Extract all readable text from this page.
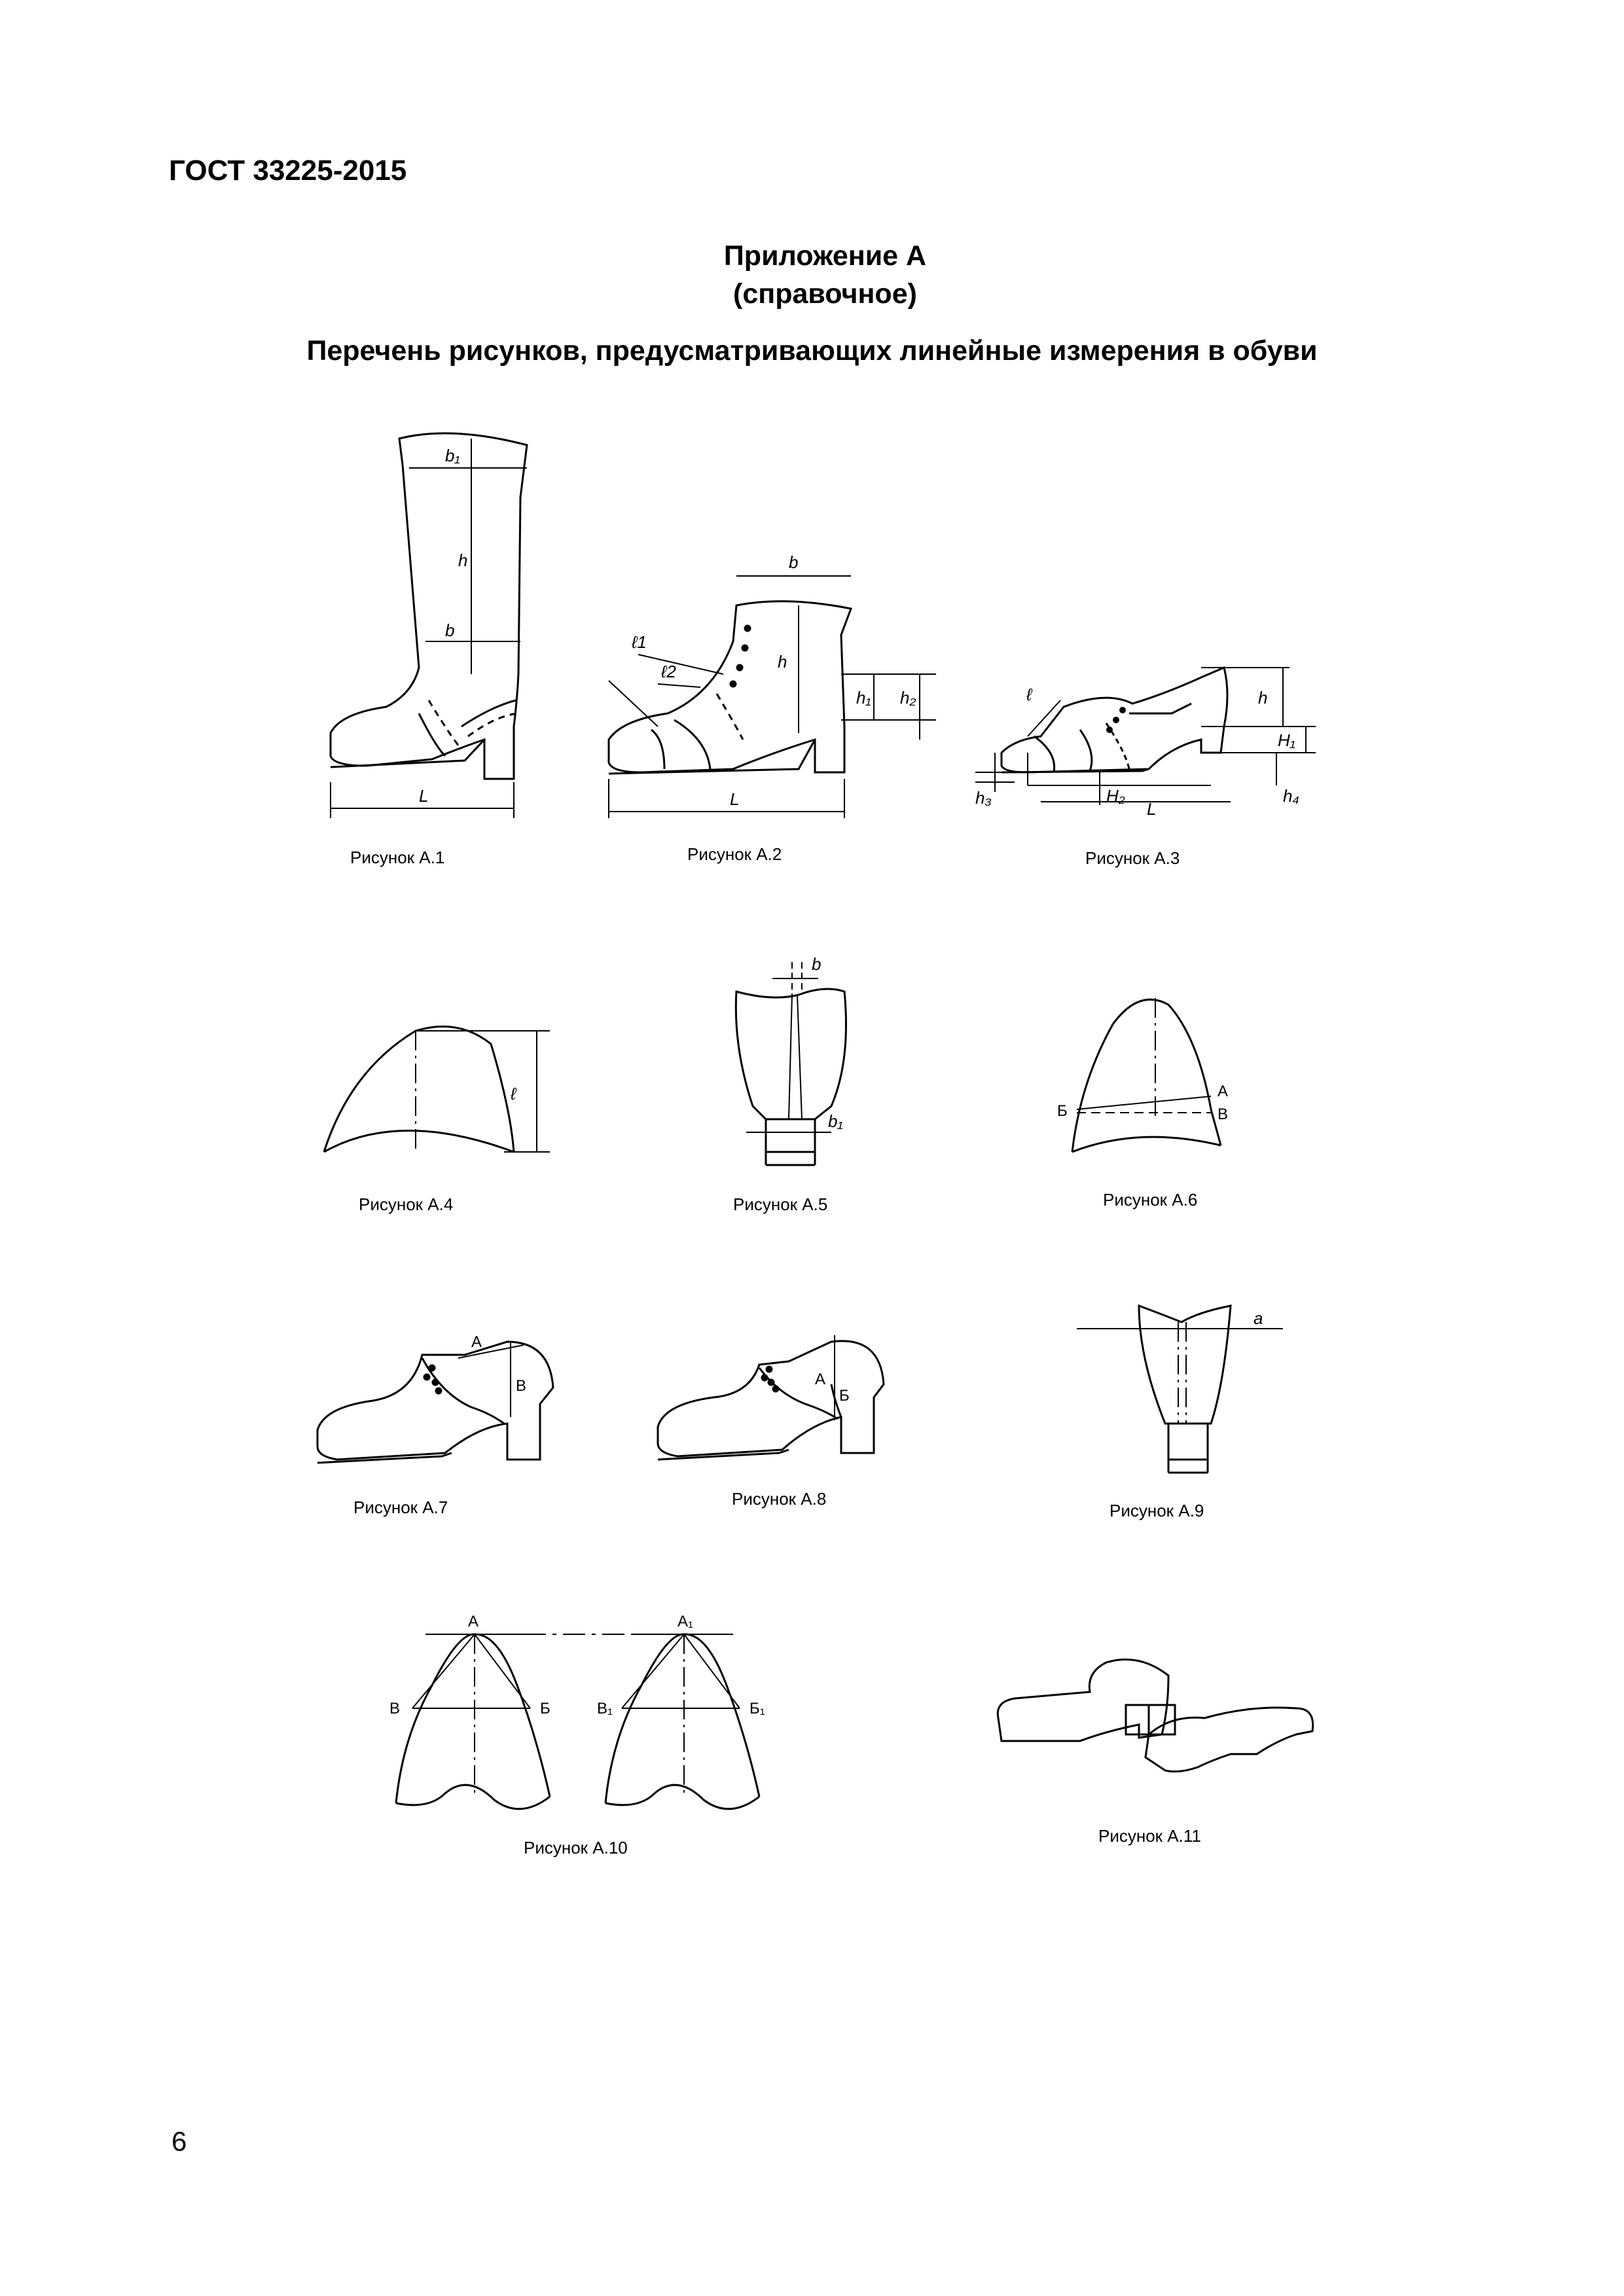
ГОСТ 33225-2015
Приложение А
(справочное)
Перечень рисунков, предусматривающих линейные измерения в обуви
b₁
h
b
L
Рисунок А.1
b
ℓ1
ℓ2	h
h₁ h₂
L
Рисунок А.2
ℓ	h
H₁
h₃	H₂	h₄
L
Рисунок А.3
ℓ
Рисунок А.4
b
b₁
Рисунок А.5
Б
А
В
Рисунок А.6
А
В
Рисунок А.7
А
Б
Рисунок А.8
a
Рисунок А.9
А	А₁
В	Б	В₁	Б₁
Рисунок А.10
Рисунок А.11
6
